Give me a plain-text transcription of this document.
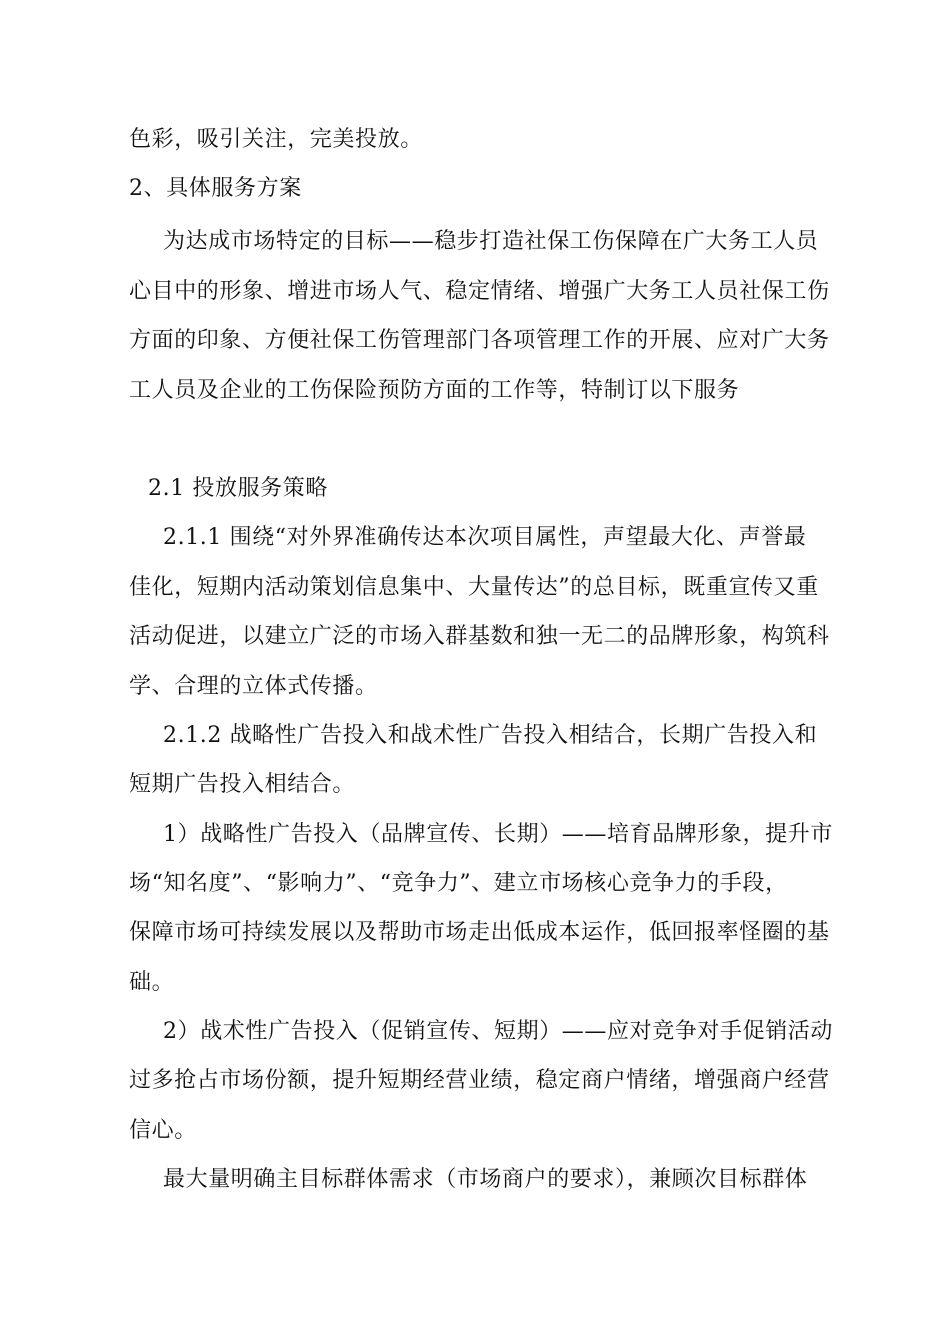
色彩，吸引关注，完美投放。
2、具体服务方案
为达成市场特定的目标——稳步打造社保工伤保障在广大务工人员
心目中的形象、增进市场人气、稳定情绪、增强广大务工人员社保工伤
方面的印象、方便社保工伤管理部门各项管理工作的开展、应对广大务
工人员及企业的工伤保险预防方面的工作等，特制订以下服务
2.1 投放服务策略
2.1.1 围绕“对外界准确传达本次项目属性，声望最大化、声誉最
佳化，短期内活动策划信息集中、大量传达”的总目标，既重宣传又重
活动促进，以建立广泛的市场入群基数和独一无二的品牌形象，构筑科
学、合理的立体式传播。
2.1.2 战略性广告投入和战术性广告投入相结合，长期广告投入和
短期广告投入相结合。
1）战略性广告投入（品牌宣传、长期）——培育品牌形象，提升市
场“知名度”、“影响力”、“竞争力”、建立市场核心竞争力的手段，
保障市场可持续发展以及帮助市场走出低成本运作，低回报率怪圈的基
础。
2）战术性广告投入（促销宣传、短期）——应对竞争对手促销活动
过多抢占市场份额，提升短期经营业绩，稳定商户情绪，增强商户经营
信心。
最大量明确主目标群体需求（市场商户的要求），兼顾次目标群体
